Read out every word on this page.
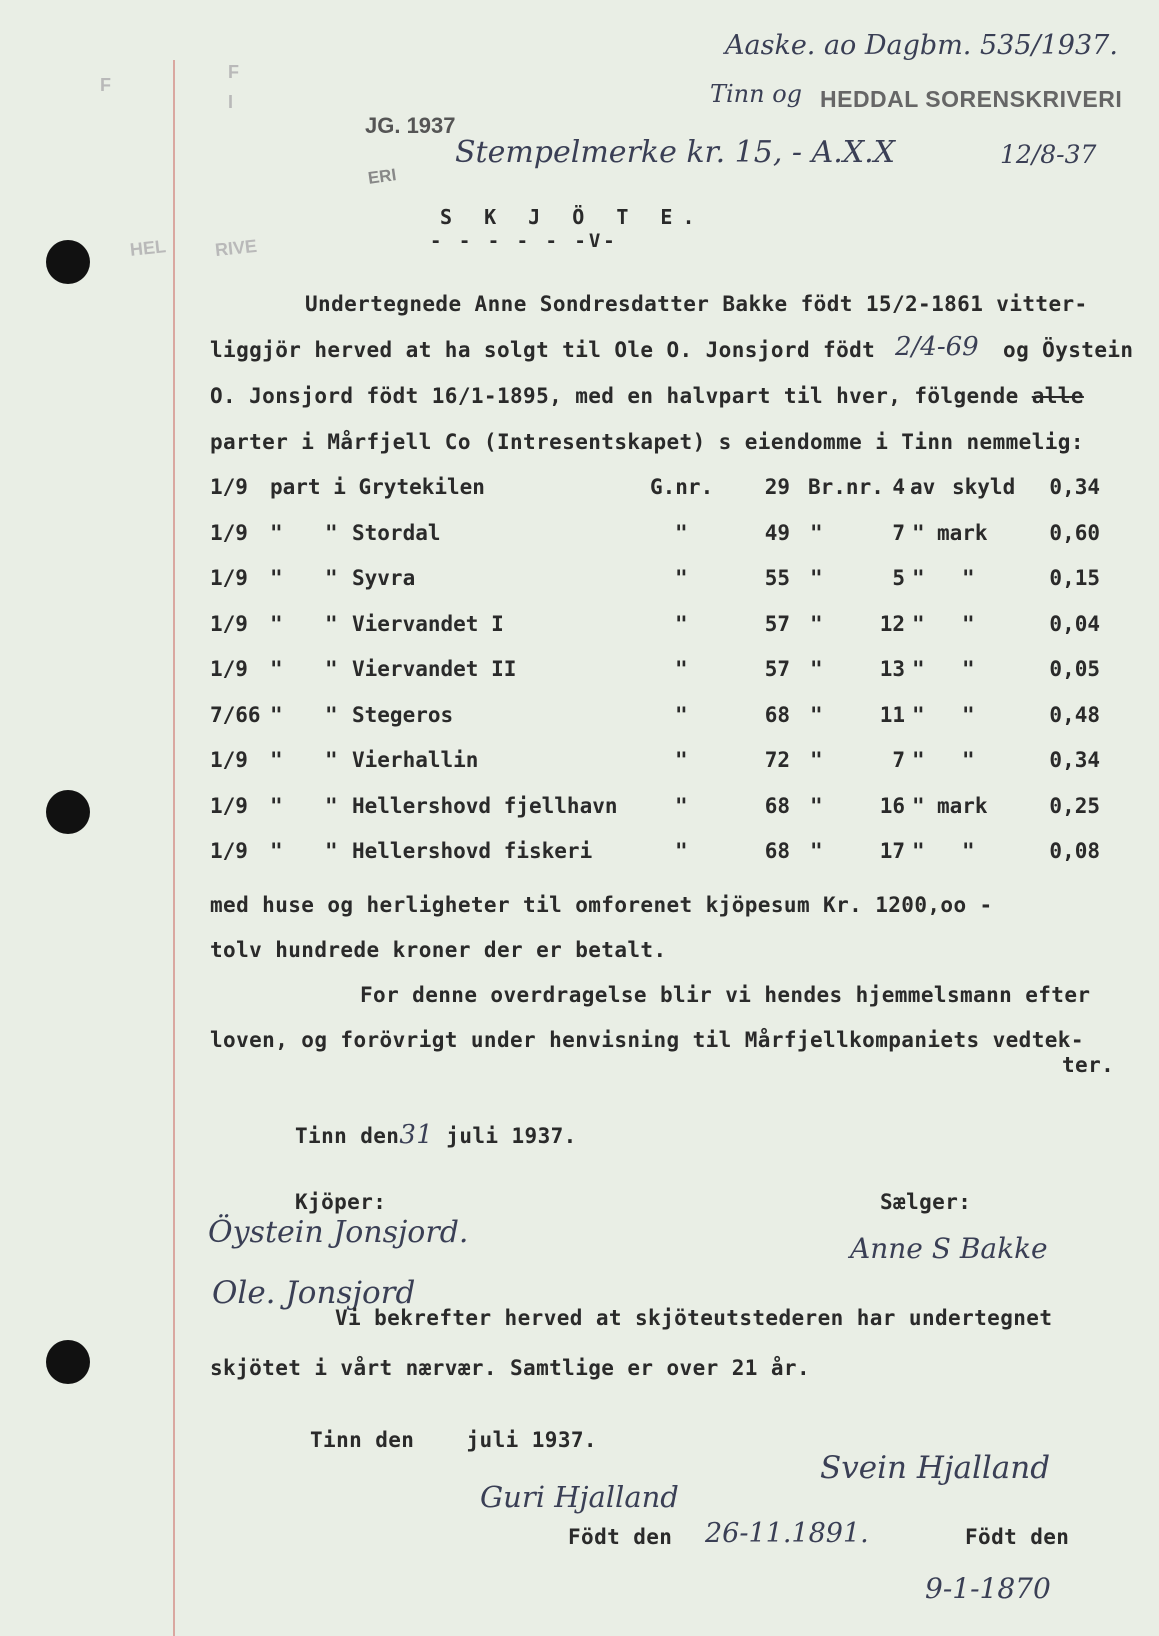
F
F
I
HEL	RIVE
Aaske. ao Dagbm. 535/1937.
Tinn og HEDDAL SORENSKRIVERI
JG. 1937
ERI
Stempelmerke kr. 15, - A.X.X	12/8-37
S K J Ö T E.
- - - - - -V-
Undertegnede Anne Sondresdatter Bakke födt 15/2-1861 vitter-
liggjör herved at ha solgt til Ole O. Jonsjord födt 2/4-69 og Öystein
O. Jonsjord födt 16/1-1895, med en halvpart til hver, fölgende alle
parter i Mårfjell Co (Intresentskapet) s eiendomme i Tinn nemmelig:
1/9 part i Grytekilen	G.nr.	29 Br.nr. 4 av skyld	0,34
1/9 " " Stordal	"	49 "	7 " mark	0,60
1/9 " " Syvra	"	55 "	5 " "	0,15
1/9 " " Viervandet I	"	57 "	12 " "	0,04
1/9 " " Viervandet II	"	57 "	13 " "	0,05
7/66 " " Stegeros	"	68 "	11 " "	0,48
1/9 " " Vierhallin	"	72 "	7 " "	0,34
1/9 " " Hellershovd fjellhavn	"	68 "	16 " mark	0,25
1/9 " " Hellershovd fiskeri	"	68 "	17 " "	0,08
med huse og herligheter til omforenet kjöpesum Kr. 1200,oo -
tolv hundrede kroner der er betalt.
For denne overdragelse blir vi hendes hjemmelsmann efter
loven, og forövrigt under henvisning til Mårfjellkompaniets vedtek-
ter.
Tinn den31 juli 1937.
Kjöper:	Sælger:
Öystein Jonsjord.	Anne S Bakke
Ole. Jonsjord
Vi bekrefter herved at skjöteutstederen har undertegnet
skjötet i vårt nærvær. Samtlige er over 21 år.
Tinn den    juli 1937.
Svein Hjalland
Guri Hjalland
Födt den 26-11.1891.	Födt den
9-1-1870
